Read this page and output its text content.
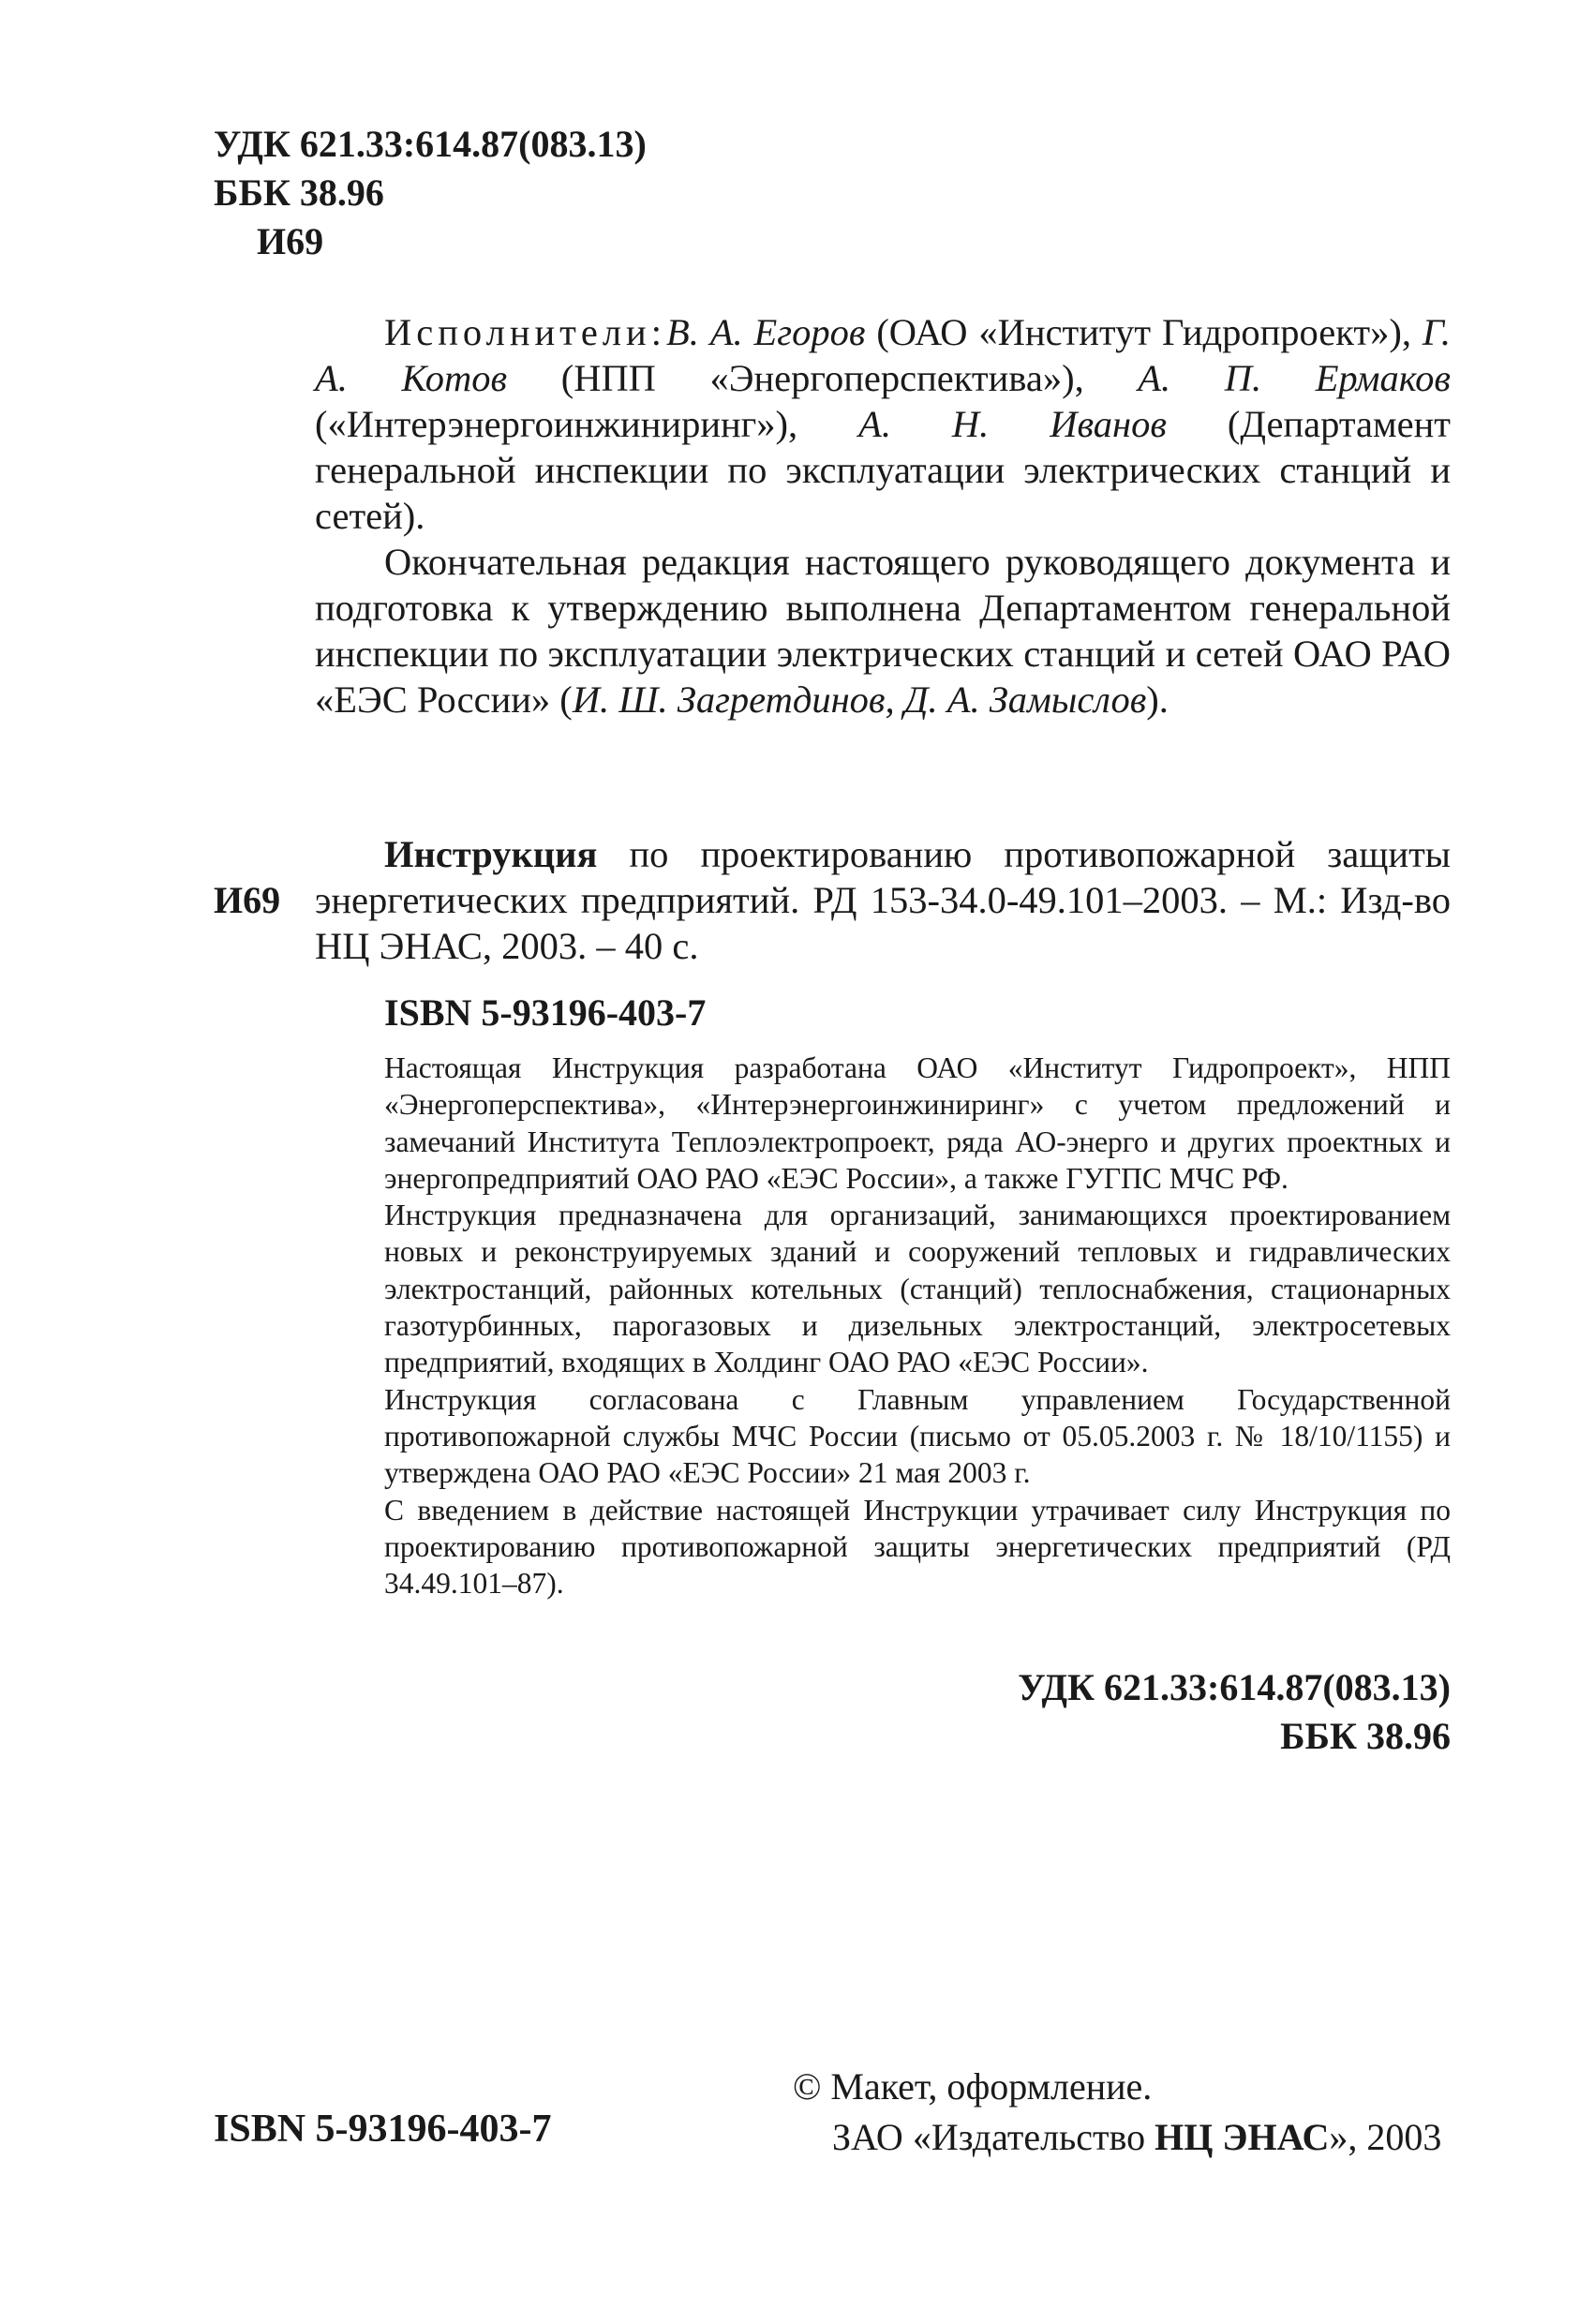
УДК 621.33:614.87(083.13)
ББК 38.96
И69

Исполнители:В. А. Егоров (ОАО «Институт Гидропроект»), Г. А. Котов (НПП «Энергоперспектива»), А. П. Ермаков («Интерэнергоинжиниринг»), А. Н. Иванов (Департамент генеральной инспекции по эксплуатации электрических станций и сетей).

Окончательная редакция настоящего руководящего документа и подготовка к утверждению выполнена Департаментом генеральной инспекции по эксплуатации электрических станций и сетей ОАО РАО «ЕЭС России» (И. Ш. Загретдинов, Д. А. Замыслов).

И69

Инструкция по проектированию противопожарной защиты энергетических предприятий. РД 153-34.0-49.101–2003. – М.: Изд-во НЦ ЭНАС, 2003. – 40 с.

ISBN 5-93196-403-7

Настоящая Инструкция разработана ОАО «Институт Гидропроект», НПП «Энергоперспектива», «Интерэнергоинжиниринг» с учетом предложений и замечаний Института Теплоэлектропроект, ряда АО-энерго и других проектных и энергопредприятий ОАО РАО «ЕЭС России», а также ГУГПС МЧС РФ.

Инструкция предназначена для организаций, занимающихся проектированием новых и реконструируемых зданий и сооружений тепловых и гидравлических электростанций, районных котельных (станций) теплоснабжения, стационарных газотурбинных, парогазовых и дизельных электростанций, электросетевых предприятий, входящих в Холдинг ОАО РАО «ЕЭС России».

Инструкция согласована с Главным управлением Государственной противопожарной службы МЧС России (письмо от 05.05.2003 г. № 18/10/1155) и утверждена ОАО РАО «ЕЭС России» 21 мая 2003 г.

С введением в действие настоящей Инструкции утрачивает силу Инструкция по проектированию противопожарной защиты энергетических предприятий (РД 34.49.101–87).

УДК 621.33:614.87(083.13)
ББК 38.96
ISBN 5-93196-403-7
© Макет, оформление.
ЗАО «Издательство НЦ ЭНАС», 2003
